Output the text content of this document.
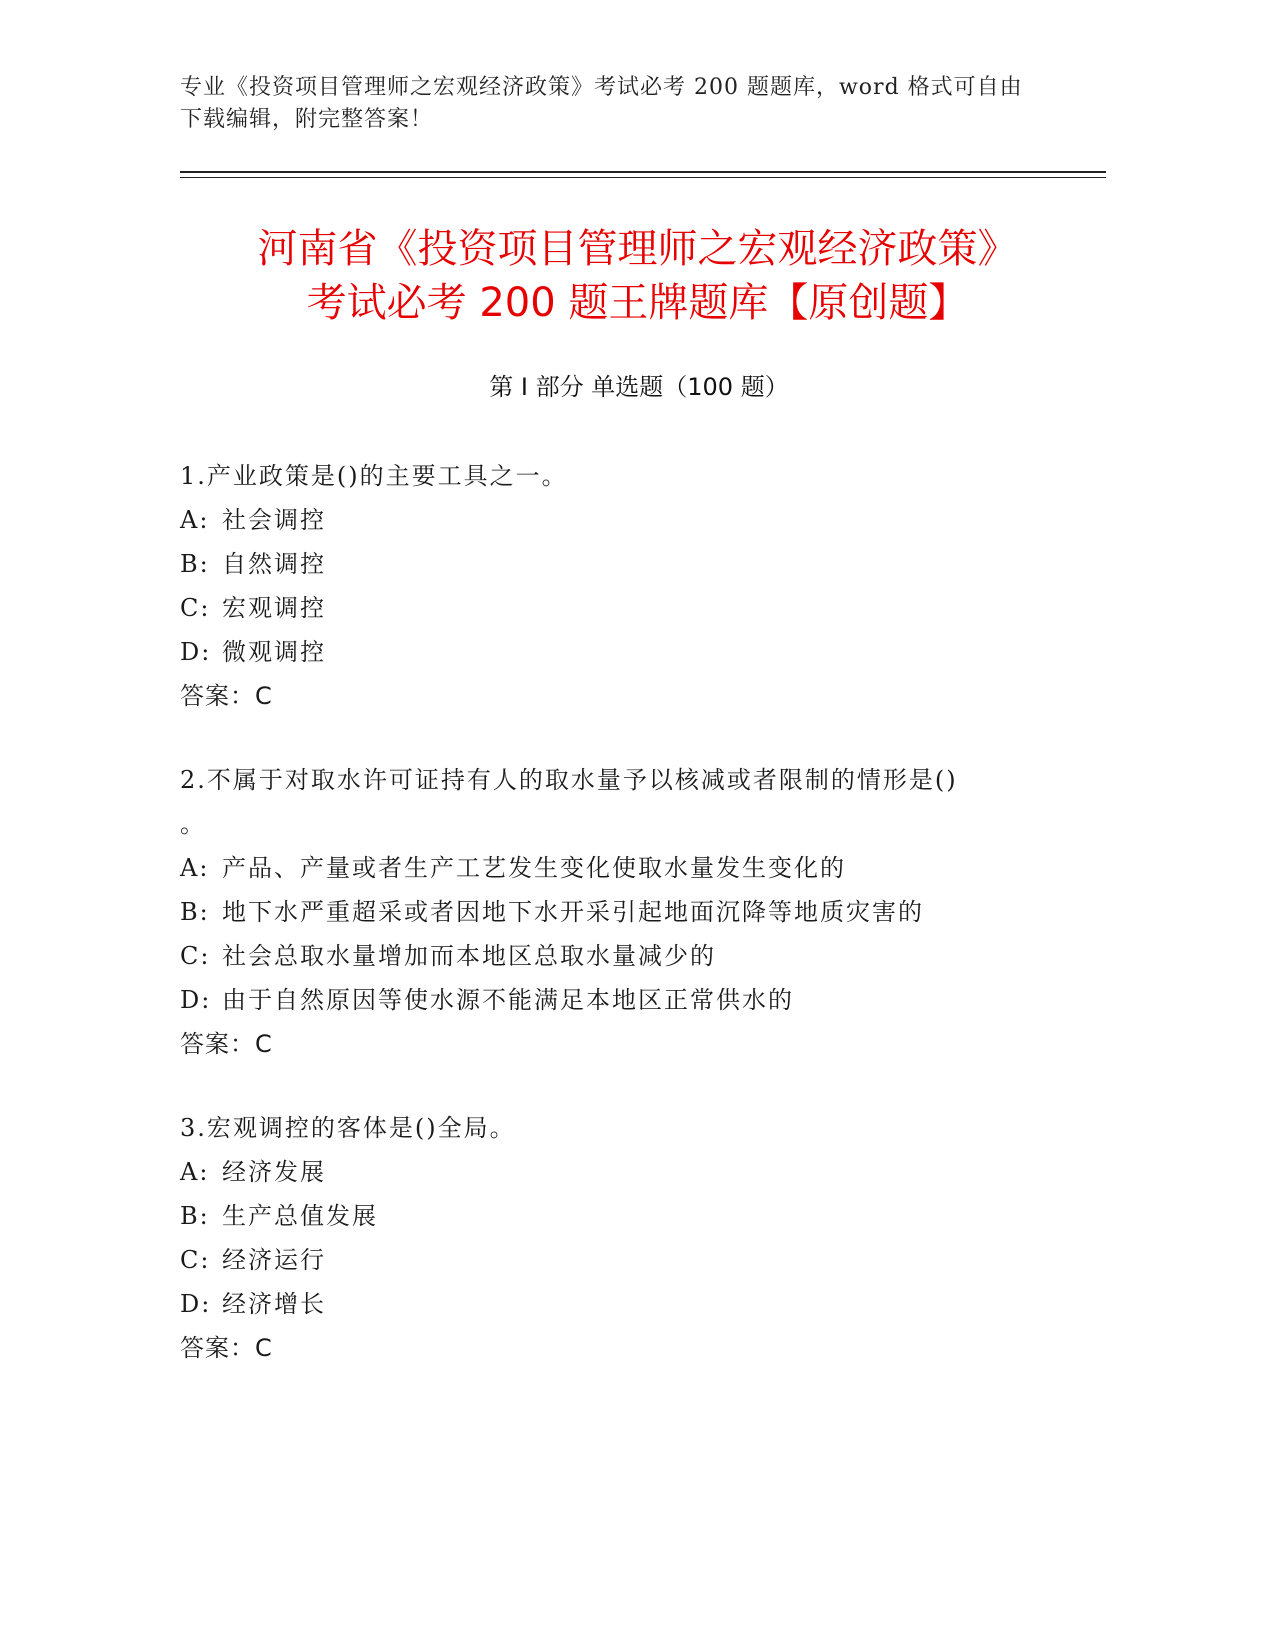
专业《投资项目管理师之宏观经济政策》考试必考 200 题题库，word 格式可自由
下载编辑，附完整答案！
河南省《投资项目管理师之宏观经济政策》
考试必考 200 题王牌题库【原创题】
第 I 部分 单选题（100 题）

1.产业政策是()的主要工具之一。

A: 社会调控

B: 自然调控

C: 宏观调控

D: 微观调控

答案：C

2.不属于对取水许可证持有人的取水量予以核减或者限制的情形是()

。

A: 产品、产量或者生产工艺发生变化使取水量发生变化的

B: 地下水严重超采或者因地下水开采引起地面沉降等地质灾害的

C: 社会总取水量增加而本地区总取水量减少的

D: 由于自然原因等使水源不能满足本地区正常供水的

答案：C

3.宏观调控的客体是()全局。

A: 经济发展

B: 生产总值发展

C: 经济运行

D: 经济增长

答案：C
